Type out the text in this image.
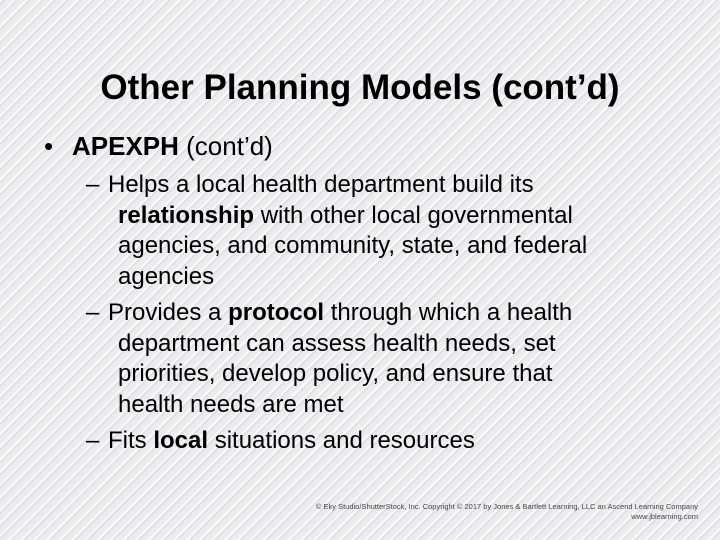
Other Planning Models (cont’d)
• APEXPH (cont’d)
– Helps a local health department build its
relationship with other local governmental
agencies, and community, state, and federal
agencies
– Provides a protocol through which a health
department can assess health needs, set
priorities, develop policy, and ensure that
health needs are met
– Fits local situations and resources
© Eky Studio/ShutterStock, Inc. Copyright © 2017 by Jones & Bartlett Learning, LLC an Ascend Learning Company
www.jblearning.com
